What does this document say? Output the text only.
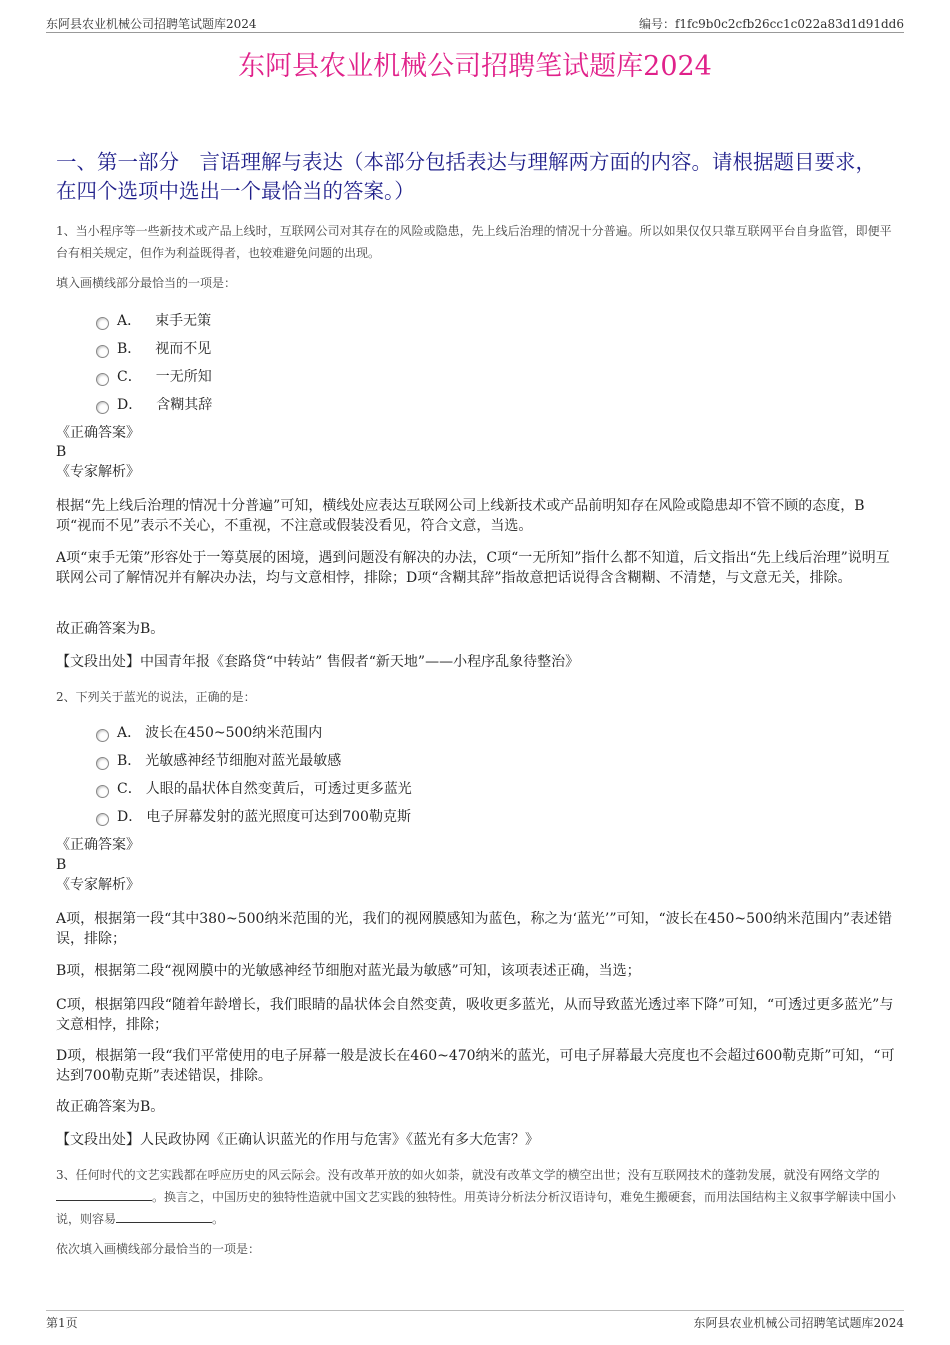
东阿县农业机械公司招聘笔试题库2024	编号：f1fc9b0c2cfb26cc1c022a83d1d91dd6
东阿县农业机械公司招聘笔试题库2024
一、第一部分　言语理解与表达（本部分包括表达与理解两方面的内容。请根据题目要求，在四个选项中选出一个最恰当的答案。）
1、当小程序等一些新技术或产品上线时，互联网公司对其存在的风险或隐患，先上线后治理的情况十分普遍。所以如果仅仅只靠互联网平台自身监管，即便平台有相关规定，但作为利益既得者，也较难避免问题的出现。
填入画横线部分最恰当的一项是：
A． 束手无策
B． 视而不见
C． 一无所知
D． 含糊其辞
《正确答案》
B
《专家解析》
根据“先上线后治理的情况十分普遍”可知，横线处应表达互联网公司上线新技术或产品前明知存在风险或隐患却不管不顾的态度，B项“视而不见”表示不关心，不重视，不注意或假装没看见，符合文意，当选。
A项“束手无策”形容处于一筹莫展的困境，遇到问题没有解决的办法，C项“一无所知”指什么都不知道，后文指出“先上线后治理”说明互联网公司了解情况并有解决办法，均与文意相悖，排除；D项“含糊其辞”指故意把话说得含含糊糊、不清楚，与文意无关，排除。
故正确答案为B。
【文段出处】中国青年报《套路贷“中转站” 售假者“新天地”——小程序乱象待整治》
2、下列关于蓝光的说法，正确的是：
A． 波长在450~500纳米范围内
B． 光敏感神经节细胞对蓝光最敏感
C． 人眼的晶状体自然变黄后，可透过更多蓝光
D． 电子屏幕发射的蓝光照度可达到700勒克斯
《正确答案》
B
《专家解析》
A项，根据第一段“其中380~500纳米范围的光，我们的视网膜感知为蓝色，称之为‘蓝光’”可知，“波长在450~500纳米范围内”表述错误，排除；
B项，根据第二段“视网膜中的光敏感神经节细胞对蓝光最为敏感”可知，该项表述正确，当选；
C项，根据第四段“随着年龄增长，我们眼睛的晶状体会自然变黄，吸收更多蓝光，从而导致蓝光透过率下降”可知，“可透过更多蓝光”与文意相悖，排除；
D项，根据第一段“我们平常使用的电子屏幕一般是波长在460~470纳米的蓝光，可电子屏幕最大亮度也不会超过600勒克斯”可知，“可达到700勒克斯”表述错误，排除。
故正确答案为B。
【文段出处】人民政协网《正确认识蓝光的作用与危害》《蓝光有多大危害？》
3、任何时代的文艺实践都在呼应历史的风云际会。没有改革开放的如火如荼，就没有改革文学的横空出世；没有互联网技术的蓬勃发展，就没有网络文学的。换言之，中国历史的独特性造就中国文艺实践的独特性。用英诗分析法分析汉语诗句，难免生搬硬套，而用法国结构主义叙事学解读中国小说，则容易	。
依次填入画横线部分最恰当的一项是：
第1页	东阿县农业机械公司招聘笔试题库2024
